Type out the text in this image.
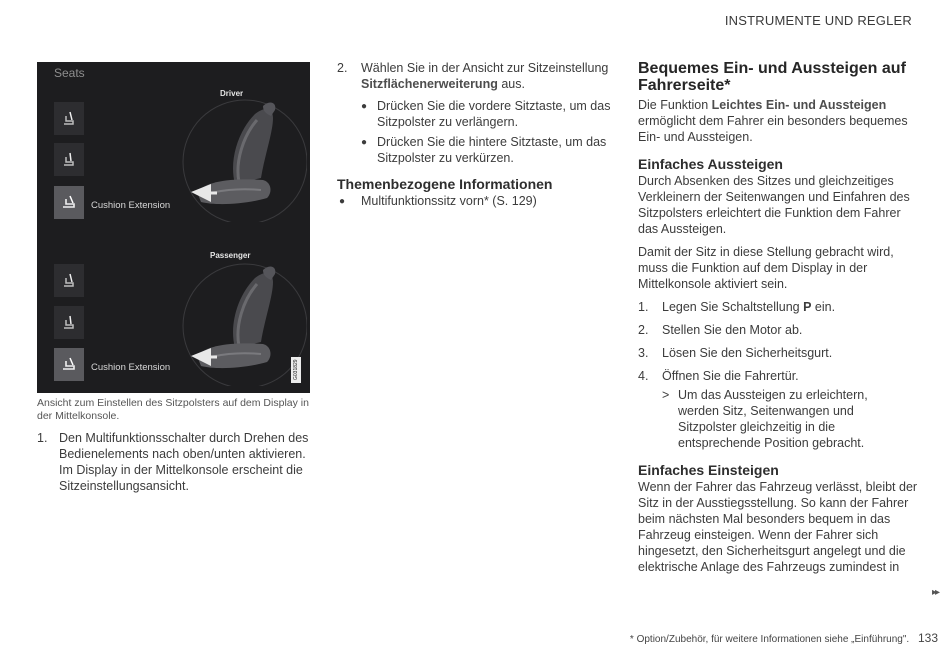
INSTRUMENTE UND REGLER
Seats
Driver
Passenger
Cushion Extension
Cushion Extension	G031829
Ansicht zum Einstellen des Sitzpolsters auf dem Display in der Mittelkonsole.
1. Den Multifunktionsschalter durch Drehen des Bedienelements nach oben/unten aktivieren. Im Display in der Mittelkonsole erscheint die Sitzeinstellungsansicht.
2.	Wählen Sie in der Ansicht zur Sitzeinstellung Sitzflächenerweiterung aus.
● Drücken Sie die vordere Sitztaste, um das Sitzpolster zu verlängern.
● Drücken Sie die hintere Sitztaste, um das Sitzpolster zu verkürzen.
Themenbezogene Informationen
●	Multifunktionssitz vorn* (S. 129)
Bequemes Ein- und Aussteigen auf Fahrerseite*
Die Funktion Leichtes Ein- und Aussteigen ermöglicht dem Fahrer ein besonders bequemes Ein- und Aussteigen.
Einfaches Aussteigen
Durch Absenken des Sitzes und gleichzeitiges Verkleinern der Seitenwangen und Einfahren des Sitzpolsters erleichtert die Funktion dem Fahrer das Aussteigen.
Damit der Sitz in diese Stellung gebracht wird, muss die Funktion auf dem Display in der Mittelkonsole aktiviert sein.
1.	Legen Sie Schaltstellung P ein.
2.	Stellen Sie den Motor ab.
3.	Lösen Sie den Sicherheitsgurt.
4.	Öffnen Sie die Fahrertür.
> Um das Aussteigen zu erleichtern, werden Sitz, Seitenwangen und Sitzpolster gleichzeitig in die entsprechende Position gebracht.
Einfaches Einsteigen
Wenn der Fahrer das Fahrzeug verlässt, bleibt der Sitz in der Ausstiegsstellung. So kann der Fahrer beim nächsten Mal besonders bequem in das Fahrzeug einsteigen. Wenn der Fahrer sich hingesetzt, den Sicherheitsgurt angelegt und die elektrische Anlage des Fahrzeugs zumindest in
▸▸
* Option/Zubehör, für weitere Informationen siehe „Einführung". 133
